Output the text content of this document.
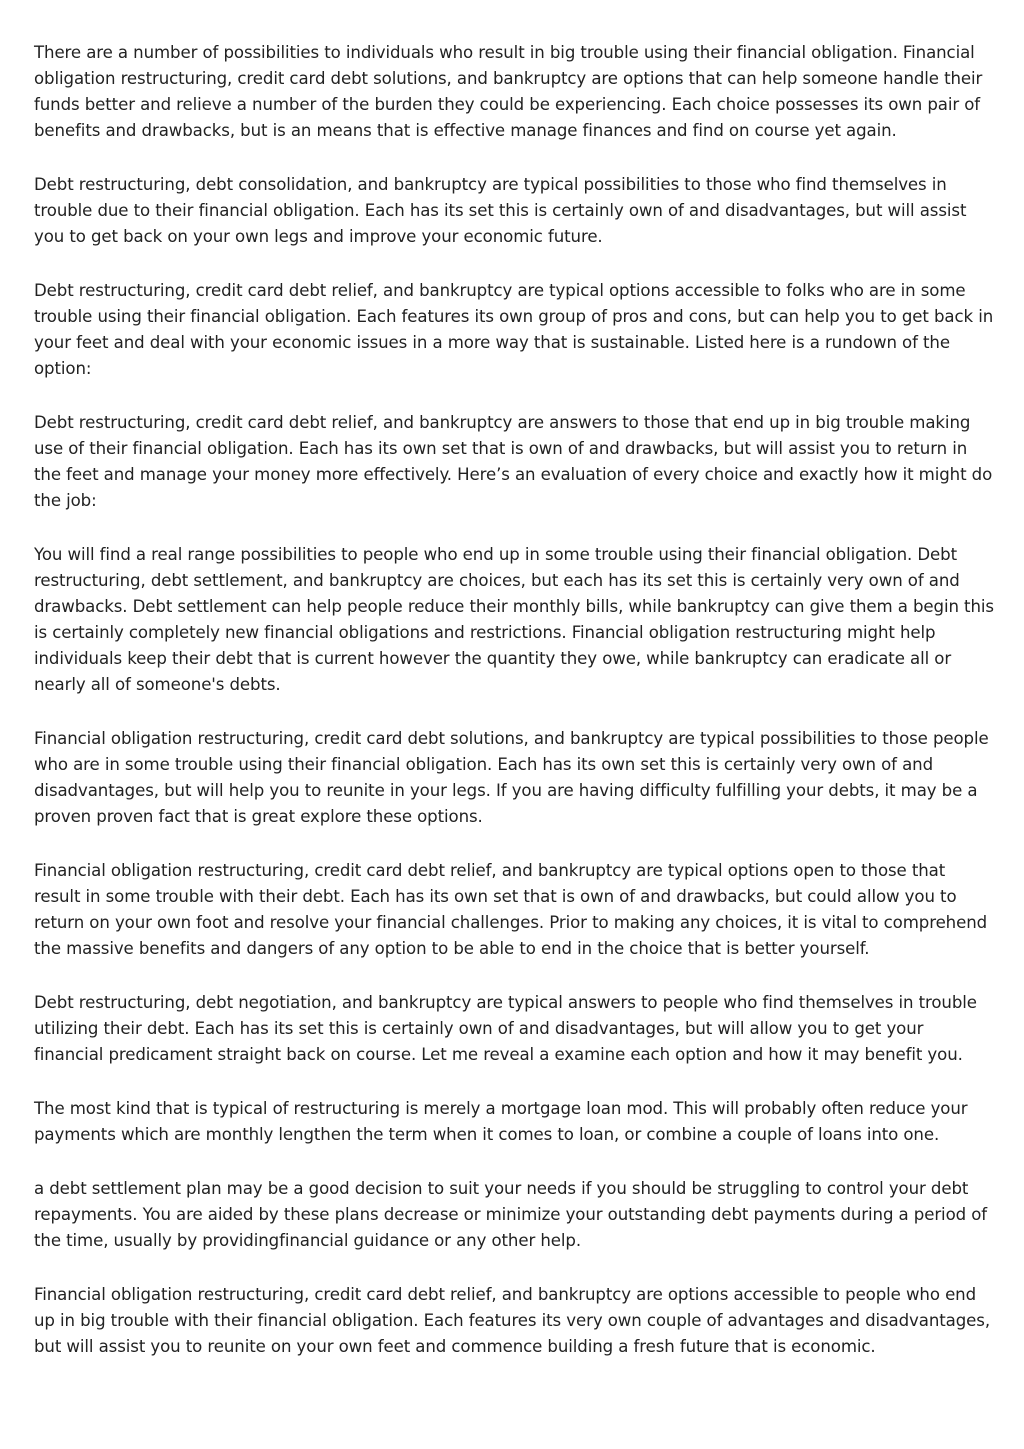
There are a number of possibilities to individuals who result in big trouble using their financial obligation. Financial obligation restructuring, credit card debt solutions, and bankruptcy are options that can help someone handle their funds better and relieve a number of the burden they could be experiencing. Each choice possesses its own pair of benefits and drawbacks, but is an means that is effective manage finances and find on course yet again.

Debt restructuring, debt consolidation, and bankruptcy are typical possibilities to those who find themselves in trouble due to their financial obligation. Each has its set this is certainly own of and disadvantages, but will assist you to get back on your own legs and improve your economic future.

Debt restructuring, credit card debt relief, and bankruptcy are typical options accessible to folks who are in some trouble using their financial obligation. Each features its own group of pros and cons, but can help you to get back in your feet and deal with your economic issues in a more way that is sustainable. Listed here is a rundown of the option:

Debt restructuring, credit card debt relief, and bankruptcy are answers to those that end up in big trouble making use of their financial obligation. Each has its own set that is own of and drawbacks, but will assist you to return in the feet and manage your money more effectively. Here’s an evaluation of every choice and exactly how it might do the job:

You will find a real range possibilities to people who end up in some trouble using their financial obligation. Debt restructuring, debt settlement, and bankruptcy are choices, but each has its set this is certainly very own of and drawbacks. Debt settlement can help people reduce their monthly bills, while bankruptcy can give them a begin this is certainly completely new financial obligations and restrictions. Financial obligation restructuring might help individuals keep their debt that is current however the quantity they owe, while bankruptcy can eradicate all or nearly all of someone's debts.

Financial obligation restructuring, credit card debt solutions, and bankruptcy are typical possibilities to those people who are in some trouble using their financial obligation. Each has its own set this is certainly very own of and disadvantages, but will help you to reunite in your legs. If you are having difficulty fulfilling your debts, it may be a proven proven fact that is great explore these options.

Financial obligation restructuring, credit card debt relief, and bankruptcy are typical options open to those that result in some trouble with their debt. Each has its own set that is own of and drawbacks, but could allow you to return on your own foot and resolve your financial challenges. Prior to making any choices, it is vital to comprehend the massive benefits and dangers of any option to be able to end in the choice that is better yourself.

Debt restructuring, debt negotiation, and bankruptcy are typical answers to people who find themselves in trouble utilizing their debt. Each has its set this is certainly own of and disadvantages, but will allow you to get your financial predicament straight back on course. Let me reveal a examine each option and how it may benefit you.

The most kind that is typical of restructuring is merely a mortgage loan mod. This will probably often reduce your payments which are monthly lengthen the term when it comes to loan, or combine a couple of loans into one.

a debt settlement plan may be a good decision to suit your needs if you should be struggling to control your debt repayments. You are aided by these plans decrease or minimize your outstanding debt payments during a period of the time, usually by providingfinancial guidance or any other help.

Financial obligation restructuring, credit card debt relief, and bankruptcy are options accessible to people who end up in big trouble with their financial obligation. Each features its very own couple of advantages and disadvantages, but will assist you to reunite on your own feet and commence building a fresh future that is economic.
